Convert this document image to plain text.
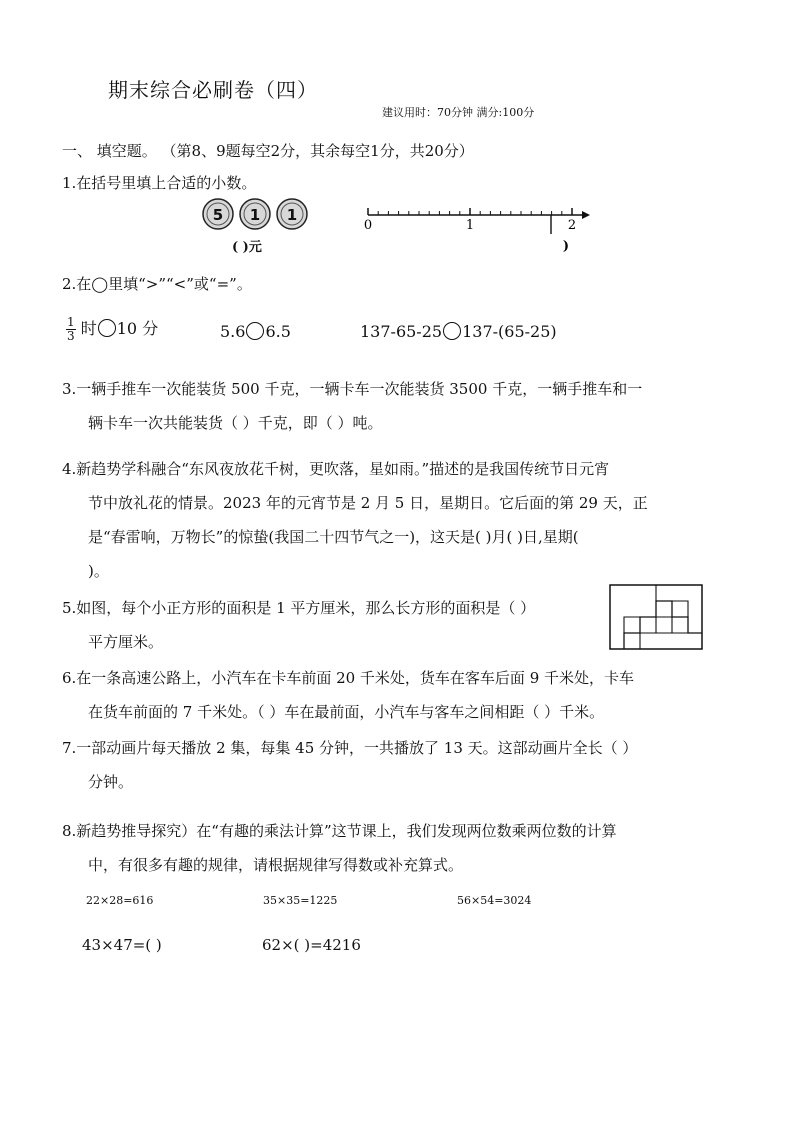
期末综合必刷卷（四）
建议用时：70分钟 满分:100分
一、 填空题。 （第8、9题每空2分，其余每空1分，共20分）
1.在括号里填上合适的小数。
5 1 1
( )元
0	1	2
)
2.在◯里填“>”“<”或“=”。
$\frac{1}{3}$ 时 10 分	5.6 6.5	137-65-25 137-(65-25)
3.一辆手推车一次能装货 500 千克，一辆卡车一次能装货 3500 千克，一辆手推车和一
辆卡车一次共能装货（ ）千克，即（ ）吨。
4.新趋势学科融合“东风夜放花千树，更吹落，星如雨。”描述的是我国传统节日元宵
节中放礼花的情景。2023 年的元宵节是 2 月 5 日，星期日。它后面的第 29 天，正
是“春雷响，万物长”的惊蛰(我国二十四节气之一)，这天是( )月( )日,星期(
)。
5.如图，每个小正方形的面积是 1 平方厘米，那么长方形的面积是（ ）
平方厘米。
6.在一条高速公路上，小汽车在卡车前面 20 千米处，货车在客车后面 9 千米处，卡车
在货车前面的 7 千米处。（ ）车在最前面，小汽车与客车之间相距（ ）千米。
7.一部动画片每天播放 2 集，每集 45 分钟，一共播放了 13 天。这部动画片全长（ ）
分钟。
8.新趋势推导探究）在“有趣的乘法计算”这节课上，我们发现两位数乘两位数的计算
中，有很多有趣的规律，请根据规律写得数或补充算式。
22×28=616	35×35=1225	56×54=3024
43×47=( )	62×( )=4216
